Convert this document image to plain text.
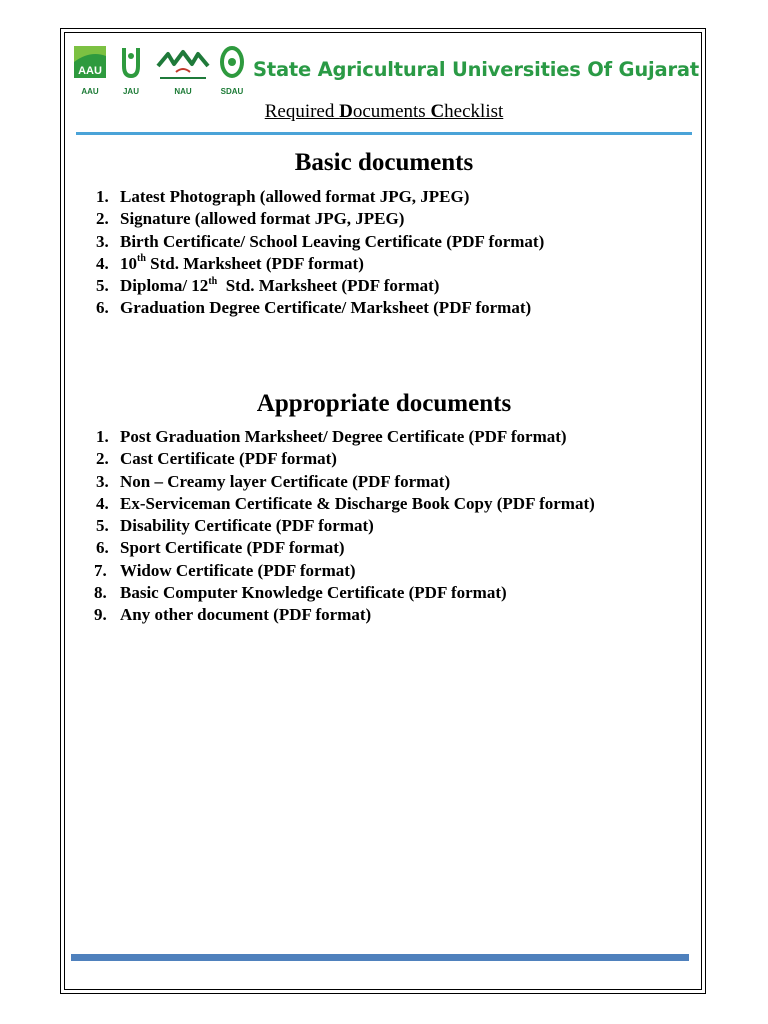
AAU
AAU	JAU	NAU	SDAU
State Agricultural Universities Of Gujarat
Required Documents Checklist
Basic documents
1. Latest Photograph (allowed format JPG, JPEG)
2. Signature (allowed format JPG, JPEG)
3. Birth Certificate/ School Leaving Certificate (PDF format)
4. 10th Std. Marksheet (PDF format)
5. Diploma/ 12th  Std. Marksheet (PDF format)
6. Graduation Degree Certificate/ Marksheet (PDF format)
Appropriate documents
1. Post Graduation Marksheet/ Degree Certificate (PDF format)
2. Cast Certificate (PDF format)
3. Non – Creamy layer Certificate (PDF format)
4. Ex-Serviceman Certificate & Discharge Book Copy (PDF format)
5. Disability Certificate (PDF format)
6. Sport Certificate (PDF format)
7. Widow Certificate (PDF format)
8. Basic Computer Knowledge Certificate (PDF format)
9. Any other document (PDF format)
